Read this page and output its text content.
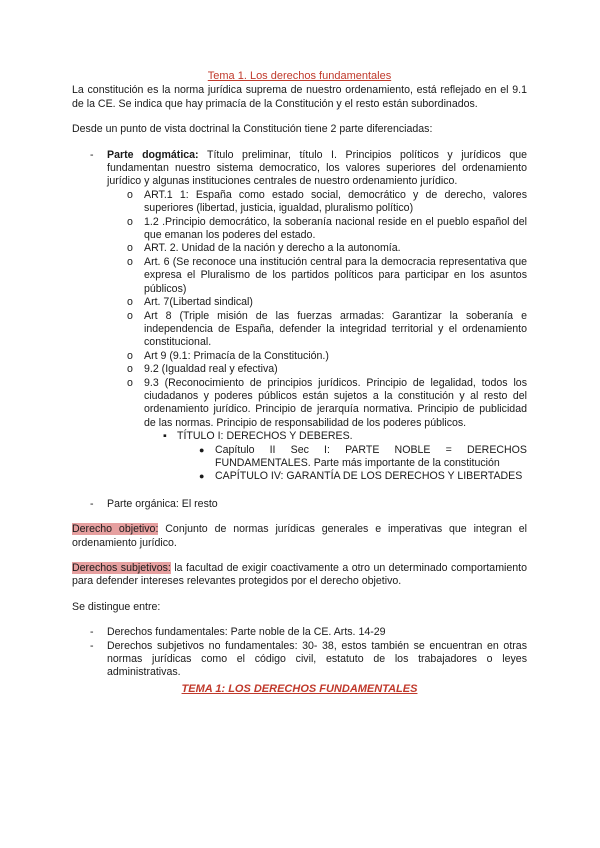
Tema 1. Los derechos fundamentales

La constitución es la norma jurídica suprema de nuestro ordenamiento, está reflejado en el 9.1 de la CE. Se indica que hay primacía de la Constitución y el resto están subordinados.

Desde un punto de vista doctrinal la Constitución tiene 2 parte diferenciadas:

- Parte dogmática: Título preliminar, título I. Principios políticos y jurídicos que fundamentan nuestro sistema democratico, los valores superiores del ordenamiento jurídico y algunas instituciones centrales de nuestro ordenamiento jurídico.
o ART.1 1: España como estado social, democrático y de derecho, valores superiores (libertad, justicia, igualdad, pluralismo político)
o 1.2 .Principio democrático, la soberanía nacional reside en el pueblo español del que emanan los poderes del estado.
o ART. 2. Unidad de la nación y derecho a la autonomía.
o Art. 6 (Se reconoce una institución central para la democracia representativa que expresa el Pluralismo de los partidos políticos para participar en los asuntos públicos)
o Art. 7(Libertad sindical)
o Art 8 (Triple misión de las fuerzas armadas: Garantizar la soberanía e independencia de España, defender la integridad territorial y el ordenamiento constitucional.
o Art 9 (9.1: Primacía de la Constitución.)
o 9.2 (Igualdad real y efectiva)
o 9.3 (Reconocimiento de principios jurídicos. Principio de legalidad, todos los ciudadanos y poderes públicos están sujetos a la constitución y al resto del ordenamiento jurídico. Principio de jerarquía normativa. Principio de publicidad de las normas. Principio de responsabilidad de los poderes públicos.
▪ TÍTULO I: DERECHOS Y DEBERES.
● Capítulo II Sec I: PARTE NOBLE = DERECHOS FUNDAMENTALES. Parte más importante de la constitución
● CAPÍTULO IV: GARANTÍA DE LOS DERECHOS Y LIBERTADES
- Parte orgánica: El resto

Derecho objetivo: Conjunto de normas jurídicas generales e imperativas que integran el ordenamiento jurídico.

Derechos subjetivos: la facultad de exigir coactivamente a otro un determinado comportamiento para defender intereses relevantes protegidos por el derecho objetivo.

Se distingue entre:

- Derechos fundamentales: Parte noble de la CE. Arts. 14-29
- Derechos subjetivos no fundamentales: 30- 38, estos también se encuentran en otras normas jurídicas como el código civil, estatuto de los trabajadores o leyes administrativas.
TEMA 1: LOS DERECHOS FUNDAMENTALES
